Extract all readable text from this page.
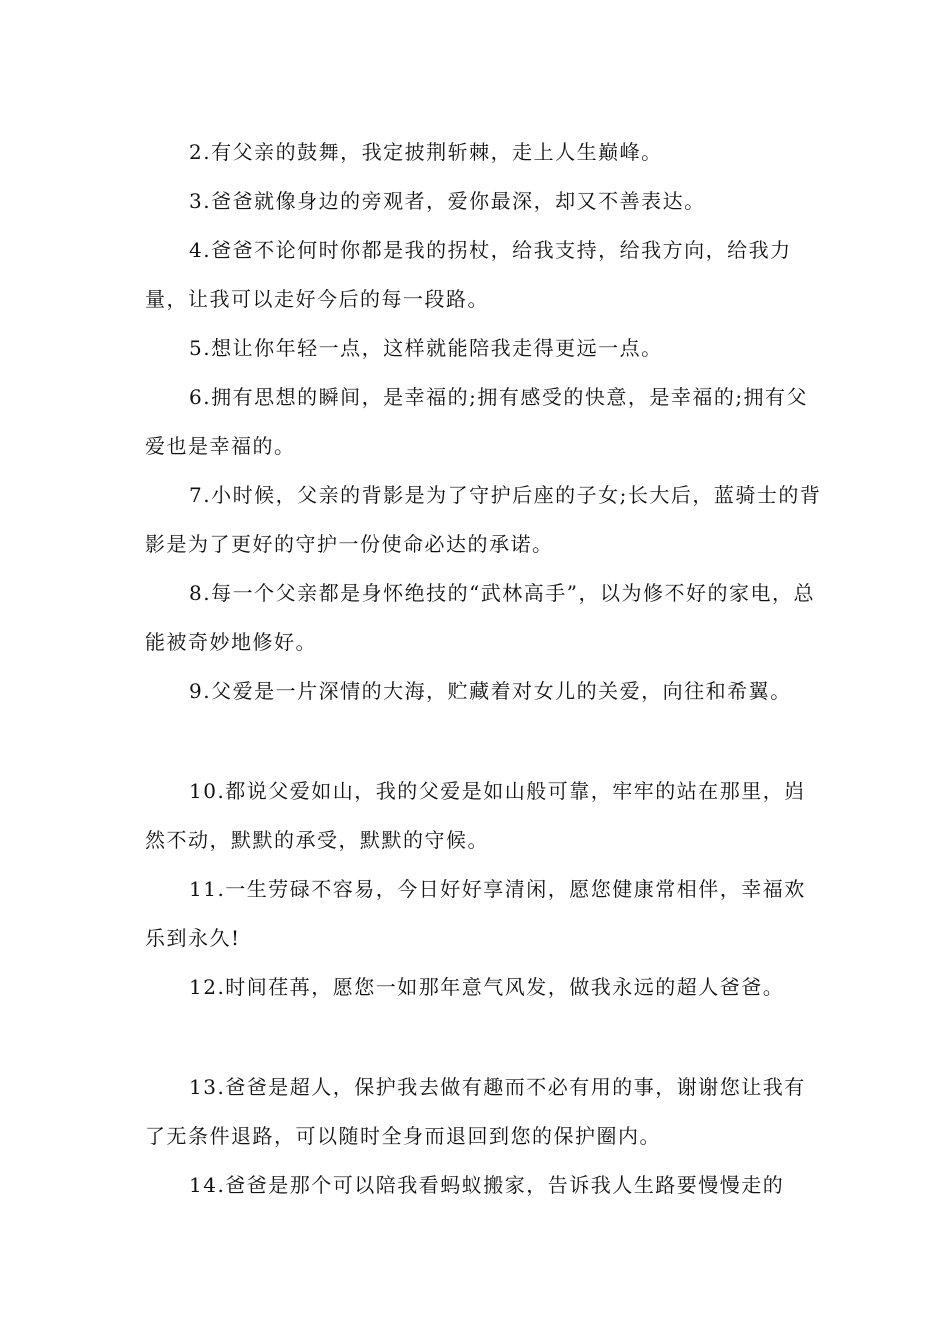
2.有父亲的鼓舞，我定披荆斩棘，走上人生巅峰。

3.爸爸就像身边的旁观者，爱你最深，却又不善表达。

4.爸爸不论何时你都是我的拐杖，给我支持，给我方向，给我力量，让我可以走好今后的每一段路。

5.想让你年轻一点，这样就能陪我走得更远一点。

6.拥有思想的瞬间，是幸福的;拥有感受的快意，是幸福的;拥有父爱也是幸福的。

7.小时候，父亲的背影是为了守护后座的子女;长大后，蓝骑士的背影是为了更好的守护一份使命必达的承诺。

8.每一个父亲都是身怀绝技的“武林高手”，以为修不好的家电，总能被奇妙地修好。

9.父爱是一片深情的大海，贮藏着对女儿的关爱，向往和希翼。

10.都说父爱如山，我的父爱是如山般可靠，牢牢的站在那里，岿然不动，默默的承受，默默的守候。

11.一生劳碌不容易，今日好好享清闲，愿您健康常相伴，幸福欢乐到永久!

12.时间荏苒，愿您一如那年意气风发，做我永远的超人爸爸。

13.爸爸是超人，保护我去做有趣而不必有用的事，谢谢您让我有了无条件退路，可以随时全身而退回到您的保护圈内。

14.爸爸是那个可以陪我看蚂蚁搬家，告诉我人生路要慢慢走的
